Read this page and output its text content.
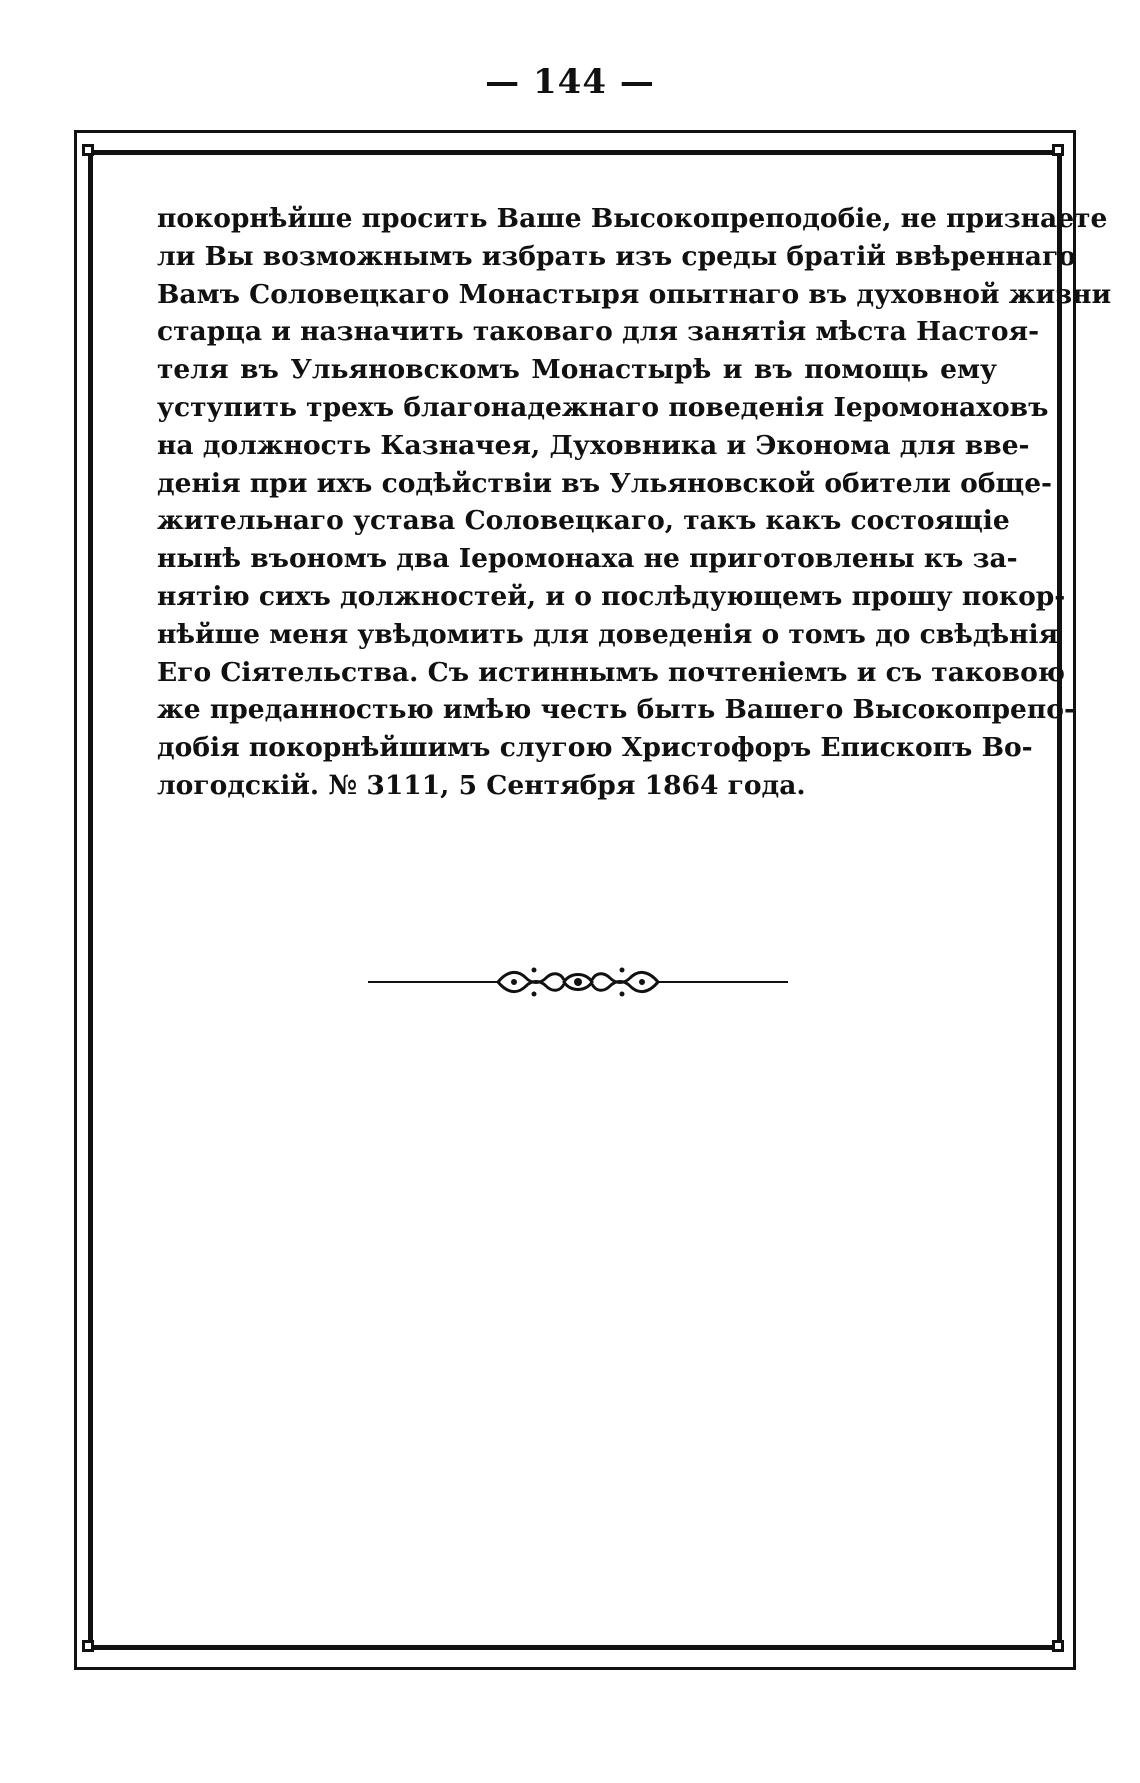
— 144 —
покорнѣйше просить Ваше Высокопреподобіе, не признаете
ли Вы возможнымъ избрать изъ среды братій ввѣреннаго
Вамъ Соловецкаго Монастыря опытнаго въ духовной жизни
старца и назначить таковаго для занятія мѣста Настоя-
теля въ Ульяновскомъ Монастырѣ и въ помощь ему
уступить трехъ благонадежнаго поведенія Іеромонаховъ
на должность Казначея, Духовника и Эконома для вве-
денія при ихъ содѣйствіи въ Ульяновской обители обще-
жительнаго устава Соловецкаго, такъ какъ состоящіе
нынѣ въономъ два Іеромонаха не приготовлены къ за-
нятію сихъ должностей, и о послѣдующемъ прошу покор-
нѣйше меня увѣдомить для доведенія о томъ до свѣдѣнія
Его Сіятельства. Съ истиннымъ почтеніемъ и съ таковою
же преданностью имѣю честь быть Вашего Высокопрепо-
добія покорнѣйшимъ слугою Христофоръ Епископъ Во-
логодскій. № 3111, 5 Сентября 1864 года.
